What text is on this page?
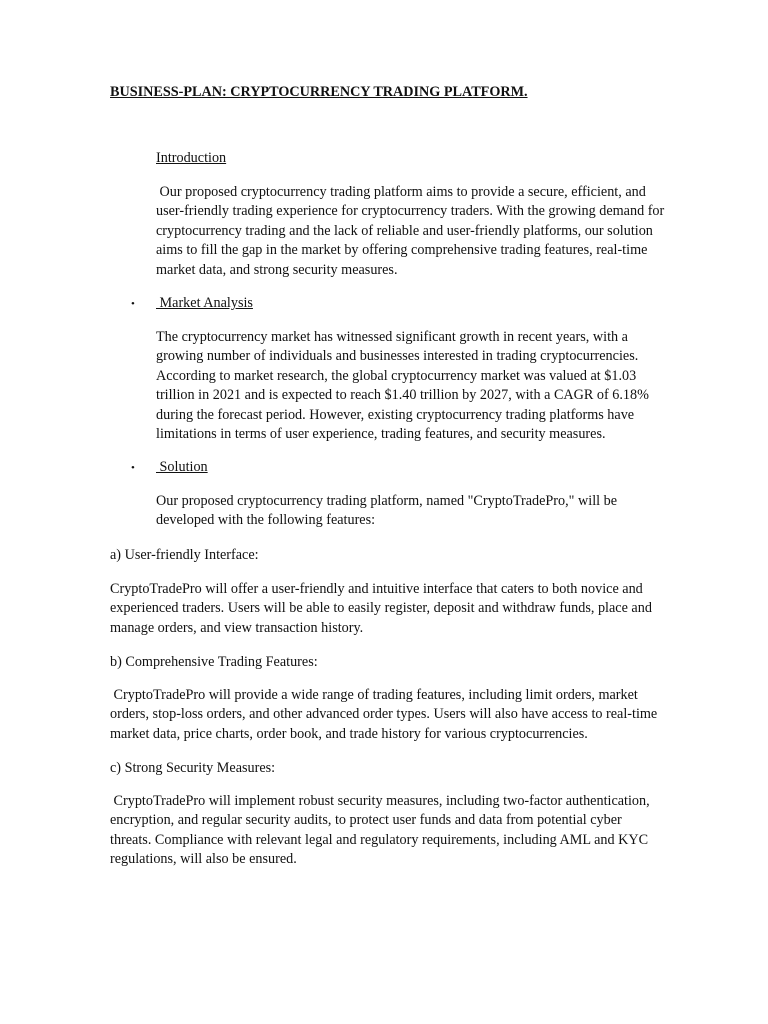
BUSINESS-PLAN: CRYPTOCURRENCY TRADING PLATFORM.
Introduction

Our proposed cryptocurrency trading platform aims to provide a secure, efficient, and
user-friendly trading experience for cryptocurrency traders. With the growing demand for
cryptocurrency trading and the lack of reliable and user-friendly platforms, our solution
aims to fill the gap in the market by offering comprehensive trading features, real-time
market data, and strong security measures.

• Market Analysis

The cryptocurrency market has witnessed significant growth in recent years, with a
growing number of individuals and businesses interested in trading cryptocurrencies.
According to market research, the global cryptocurrency market was valued at $1.03
trillion in 2021 and is expected to reach $1.40 trillion by 2027, with a CAGR of 6.18%
during the forecast period. However, existing cryptocurrency trading platforms have
limitations in terms of user experience, trading features, and security measures.

• Solution

Our proposed cryptocurrency trading platform, named "CryptoTradePro," will be
developed with the following features:

a) User-friendly Interface:

CryptoTradePro will offer a user-friendly and intuitive interface that caters to both novice and
experienced traders. Users will be able to easily register, deposit and withdraw funds, place and
manage orders, and view transaction history.

b) Comprehensive Trading Features:

CryptoTradePro will provide a wide range of trading features, including limit orders, market
orders, stop-loss orders, and other advanced order types. Users will also have access to real-time
market data, price charts, order book, and trade history for various cryptocurrencies.

c) Strong Security Measures:

CryptoTradePro will implement robust security measures, including two-factor authentication,
encryption, and regular security audits, to protect user funds and data from potential cyber
threats. Compliance with relevant legal and regulatory requirements, including AML and KYC
regulations, will also be ensured.
